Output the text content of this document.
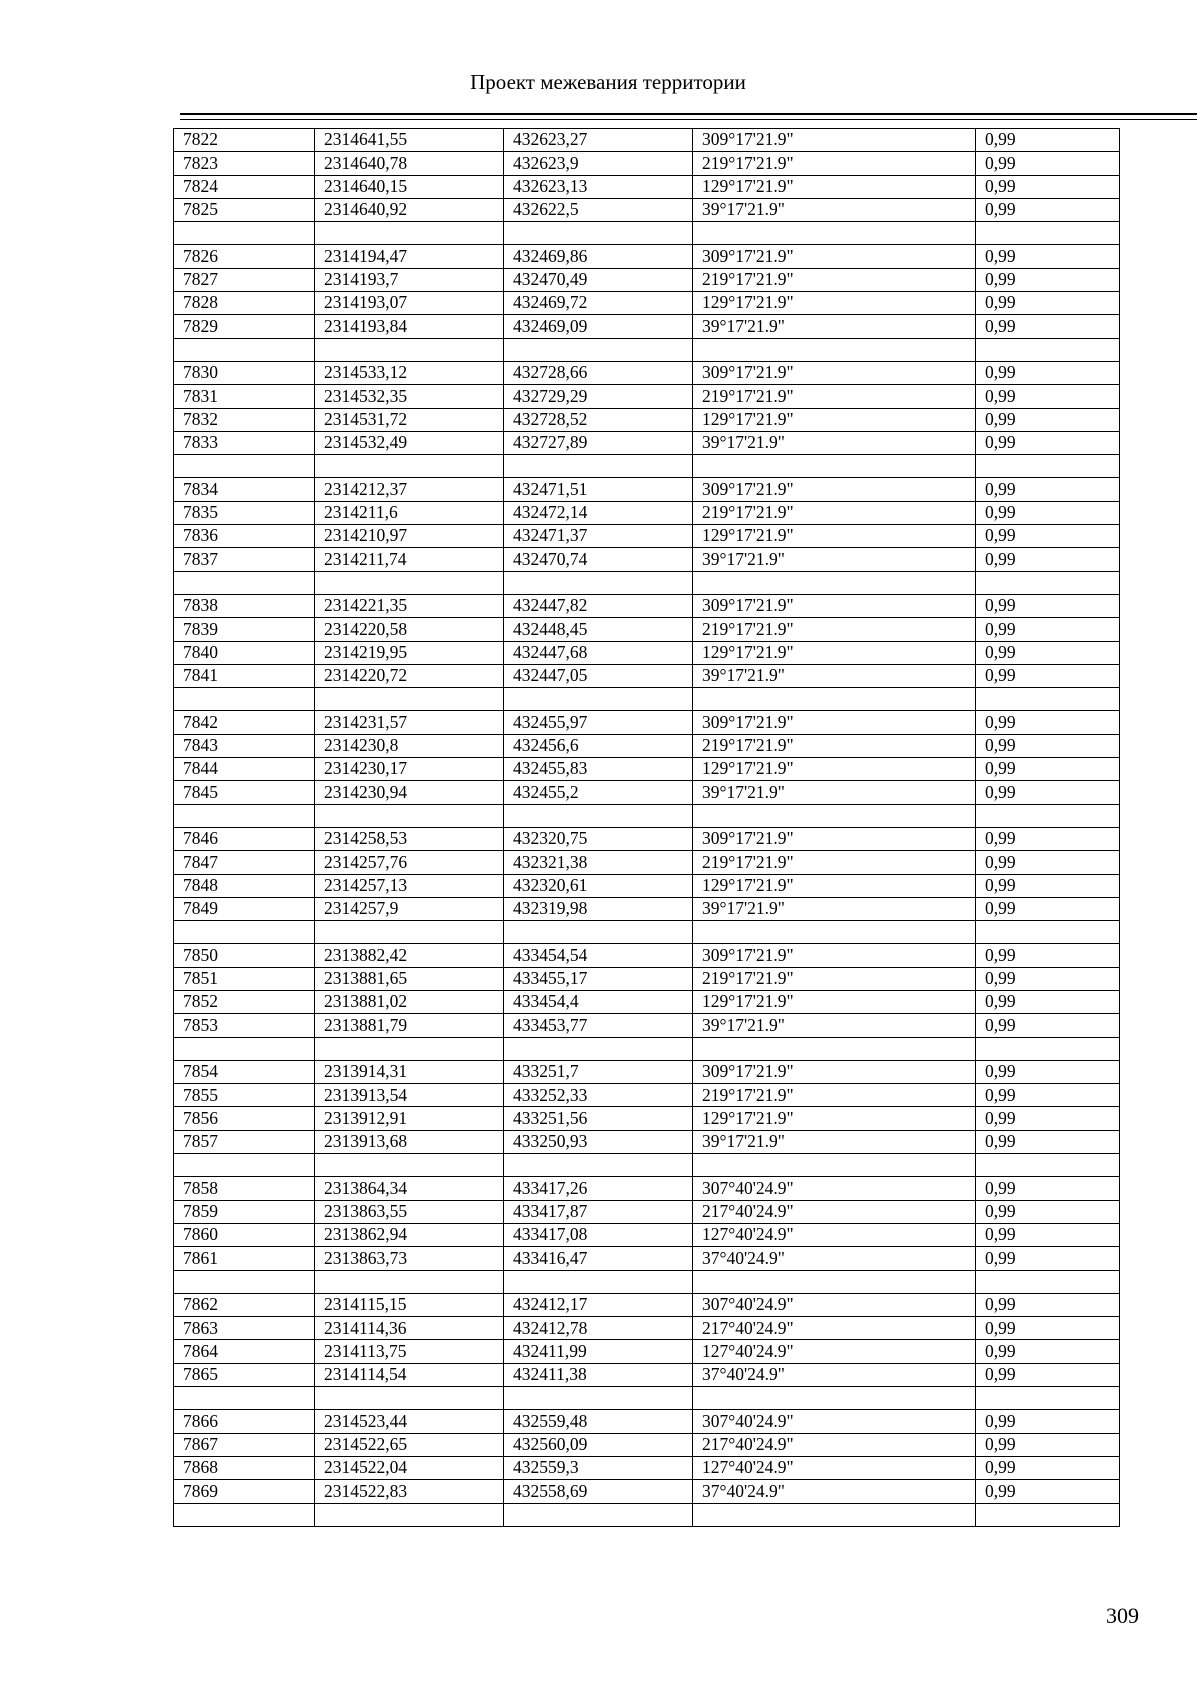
Проект межевания территории
7822	2314641,55	432623,27	309°17'21.9"	0,99
7823	2314640,78	432623,9	219°17'21.9"	0,99
7824	2314640,15	432623,13	129°17'21.9"	0,99
7825	2314640,92	432622,5	39°17'21.9"	0,99

7826	2314194,47	432469,86	309°17'21.9"	0,99
7827	2314193,7	432470,49	219°17'21.9"	0,99
7828	2314193,07	432469,72	129°17'21.9"	0,99
7829	2314193,84	432469,09	39°17'21.9"	0,99

7830	2314533,12	432728,66	309°17'21.9"	0,99
7831	2314532,35	432729,29	219°17'21.9"	0,99
7832	2314531,72	432728,52	129°17'21.9"	0,99
7833	2314532,49	432727,89	39°17'21.9"	0,99

7834	2314212,37	432471,51	309°17'21.9"	0,99
7835	2314211,6	432472,14	219°17'21.9"	0,99
7836	2314210,97	432471,37	129°17'21.9"	0,99
7837	2314211,74	432470,74	39°17'21.9"	0,99

7838	2314221,35	432447,82	309°17'21.9"	0,99
7839	2314220,58	432448,45	219°17'21.9"	0,99
7840	2314219,95	432447,68	129°17'21.9"	0,99
7841	2314220,72	432447,05	39°17'21.9"	0,99

7842	2314231,57	432455,97	309°17'21.9"	0,99
7843	2314230,8	432456,6	219°17'21.9"	0,99
7844	2314230,17	432455,83	129°17'21.9"	0,99
7845	2314230,94	432455,2	39°17'21.9"	0,99

7846	2314258,53	432320,75	309°17'21.9"	0,99
7847	2314257,76	432321,38	219°17'21.9"	0,99
7848	2314257,13	432320,61	129°17'21.9"	0,99
7849	2314257,9	432319,98	39°17'21.9"	0,99

7850	2313882,42	433454,54	309°17'21.9"	0,99
7851	2313881,65	433455,17	219°17'21.9"	0,99
7852	2313881,02	433454,4	129°17'21.9"	0,99
7853	2313881,79	433453,77	39°17'21.9"	0,99

7854	2313914,31	433251,7	309°17'21.9"	0,99
7855	2313913,54	433252,33	219°17'21.9"	0,99
7856	2313912,91	433251,56	129°17'21.9"	0,99
7857	2313913,68	433250,93	39°17'21.9"	0,99

7858	2313864,34	433417,26	307°40'24.9"	0,99
7859	2313863,55	433417,87	217°40'24.9"	0,99
7860	2313862,94	433417,08	127°40'24.9"	0,99
7861	2313863,73	433416,47	37°40'24.9"	0,99

7862	2314115,15	432412,17	307°40'24.9"	0,99
7863	2314114,36	432412,78	217°40'24.9"	0,99
7864	2314113,75	432411,99	127°40'24.9"	0,99
7865	2314114,54	432411,38	37°40'24.9"	0,99

7866	2314523,44	432559,48	307°40'24.9"	0,99
7867	2314522,65	432560,09	217°40'24.9"	0,99
7868	2314522,04	432559,3	127°40'24.9"	0,99
7869	2314522,83	432558,69	37°40'24.9"	0,99

309
